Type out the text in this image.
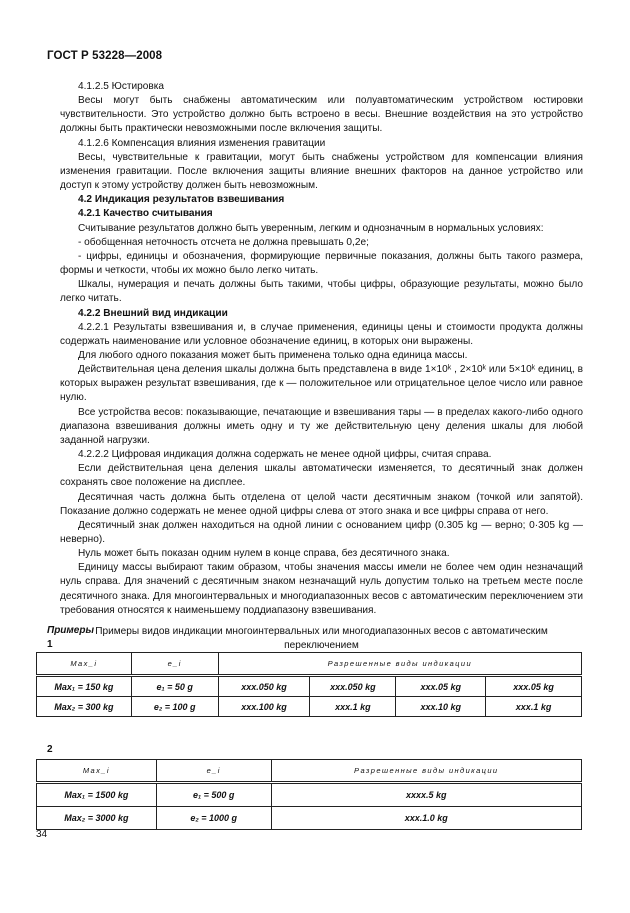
ГОСТ Р 53228—2008

4.1.2.5 Юстировка

Весы могут быть снабжены автоматическим или полуавтоматическим устройством юстировки чувствительности. Это устройство должно быть встроено в весы. Внешние воздействия на это устройство должны быть практически невозможными после включения защиты.

4.1.2.6 Компенсация влияния изменения гравитации

Весы, чувствительные к гравитации, могут быть снабжены устройством для компенсации влияния изменения гравитации. После включения защиты влияние внешних факторов на данное устройство или доступ к этому устройству должен быть невозможным.

4.2 Индикация результатов взвешивания

4.2.1 Качество считывания

Считывание результатов должно быть уверенным, легким и однозначным в нормальных условиях:

- обобщенная неточность отсчета не должна превышать 0,2е;

- цифры, единицы и обозначения, формирующие первичные показания, должны быть такого размера, формы и четкости, чтобы их можно было легко читать.

Шкалы, нумерация и печать должны быть такими, чтобы цифры, образующие результаты, можно было легко читать.

4.2.2 Внешний вид индикации

4.2.2.1 Результаты взвешивания и, в случае применения, единицы цены и стоимости продукта должны содержать наименование или условное обозначение единиц, в которых они выражены.

Для любого одного показания может быть применена только одна единица массы.

Действительная цена деления шкалы должна быть представлена в виде 1×10ᵏ , 2×10ᵏ или 5×10ᵏ единиц, в которых выражен результат взвешивания, где к — положительное или отрицательное целое число или равное нулю.

Все устройства весов: показывающие, печатающие и взвешивания тары — в пределах какого-либо одного диапазона взвешивания должны иметь одну и ту же действительную цену деления шкалы для любой заданной нагрузки.

4.2.2.2 Цифровая индикация должна содержать не менее одной цифры, считая справа.

Если действительная цена деления шкалы автоматически изменяется, то десятичный знак должен сохранять свое положение на дисплее.

Десятичная часть должна быть отделена от целой части десятичным знаком (точкой или запятой). Показание должно содержать не менее одной цифры слева от этого знака и все цифры справа от него.

Десятичный знак должен находиться на одной линии с основанием цифр (0.305 kg — верно; 0·305 kg — неверно).

Нуль может быть показан одним нулем в конце справа, без десятичного знака.

Единицу массы выбирают таким образом, чтобы значения массы имели не более чем один незначащий нуль справа. Для значений с десятичным знаком незначащий нуль допустим только на третьем месте после десятичного знака. Для многоинтервальных и многодиапазонных весов с автоматическим переключением эти требования относятся к наименьшему поддиапазону взвешивания.

Примеры видов индикации многоинтервальных или многодиапазонных весов с автоматическим переключением

Примеры
1
Max_i	e_i	Разрешенные виды индикации			
Max₁ = 150 kg	e₁ = 50 g	xxx.050 kg	xxx.050 kg	xxx.05 kg	xxx.05 kg
Max₂ = 300 kg	e₂ = 100 g	xxx.100 kg	xxx.1 kg	xxx.10 kg	xxx.1 kg
2
Max_i	e_i	Разрешенные виды индикации
Max₁ = 1500 kg	e₁ = 500 g	xxxx.5 kg
Max₂ = 3000 kg	e₂ = 1000 g	xxx.1.0 kg
34
